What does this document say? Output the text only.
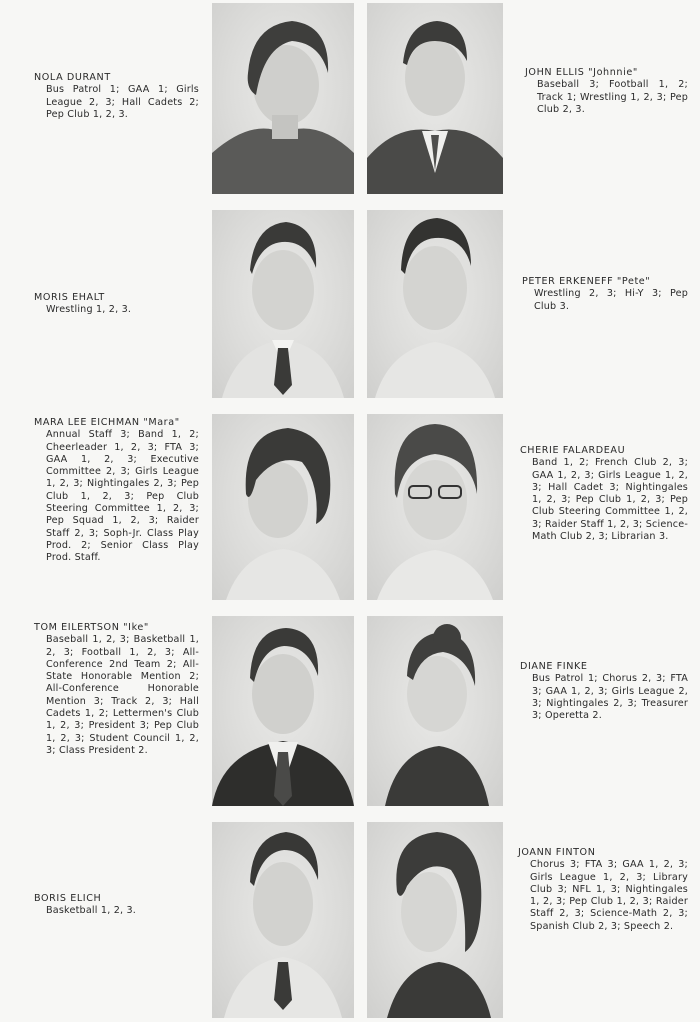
NOLA DURANT
Bus Patrol 1; GAA 1; Girls League 2, 3; Hall Cadets 2; Pep Club 1, 2, 3.
JOHN ELLIS "Johnnie"
Baseball 3; Football 1, 2; Track 1; Wrestling 1, 2, 3; Pep Club 2, 3.
MORIS EHALT
Wrestling 1, 2, 3.
PETER ERKENEFF "Pete"
Wrestling 2, 3; Hi-Y 3; Pep Club 3.
MARA LEE EICHMAN "Mara"
Annual Staff 3; Band 1, 2; Cheerleader 1, 2, 3; FTA 3; GAA 1, 2, 3; Executive Committee 2, 3; Girls League 1, 2, 3; Nightingales 2, 3; Pep Club 1, 2, 3; Pep Club Steering Committee 1, 2, 3; Pep Squad 1, 2, 3; Raider Staff 2, 3; Soph-Jr. Class Play Prod. 2; Senior Class Play Prod. Staff.
CHERIE FALARDEAU
Band 1, 2; French Club 2, 3; GAA 1, 2, 3; Girls League 1, 2, 3; Hall Cadet 3; Nightingales 1, 2, 3; Pep Club 1, 2, 3; Pep Club Steering Committee 1, 2, 3; Raider Staff 1, 2, 3; Science-Math Club 2, 3; Librarian 3.
TOM EILERTSON "Ike"
Baseball 1, 2, 3; Basketball 1, 2, 3; Football 1, 2, 3; All-Conference 2nd Team 2; All-State Honorable Mention 2; All-Conference Honorable Mention 3; Track 2, 3; Hall Cadets 1, 2; Lettermen's Club 1, 2, 3; President 3; Pep Club 1, 2, 3; Student Council 1, 2, 3; Class President 2.
DIANE FINKE
Bus Patrol 1; Chorus 2, 3; FTA 3; GAA 1, 2, 3; Girls League 2, 3; Nightingales 2, 3; Treasurer 3; Operetta 2.
BORIS ELICH
Basketball 1, 2, 3.
JOANN FINTON
Chorus 3; FTA 3; GAA 1, 2, 3; Girls League 1, 2, 3; Library Club 3; NFL 1, 3; Nightingales 1, 2, 3; Pep Club 1, 2, 3; Raider Staff 2, 3; Science-Math 2, 3; Spanish Club 2, 3; Speech 2.
